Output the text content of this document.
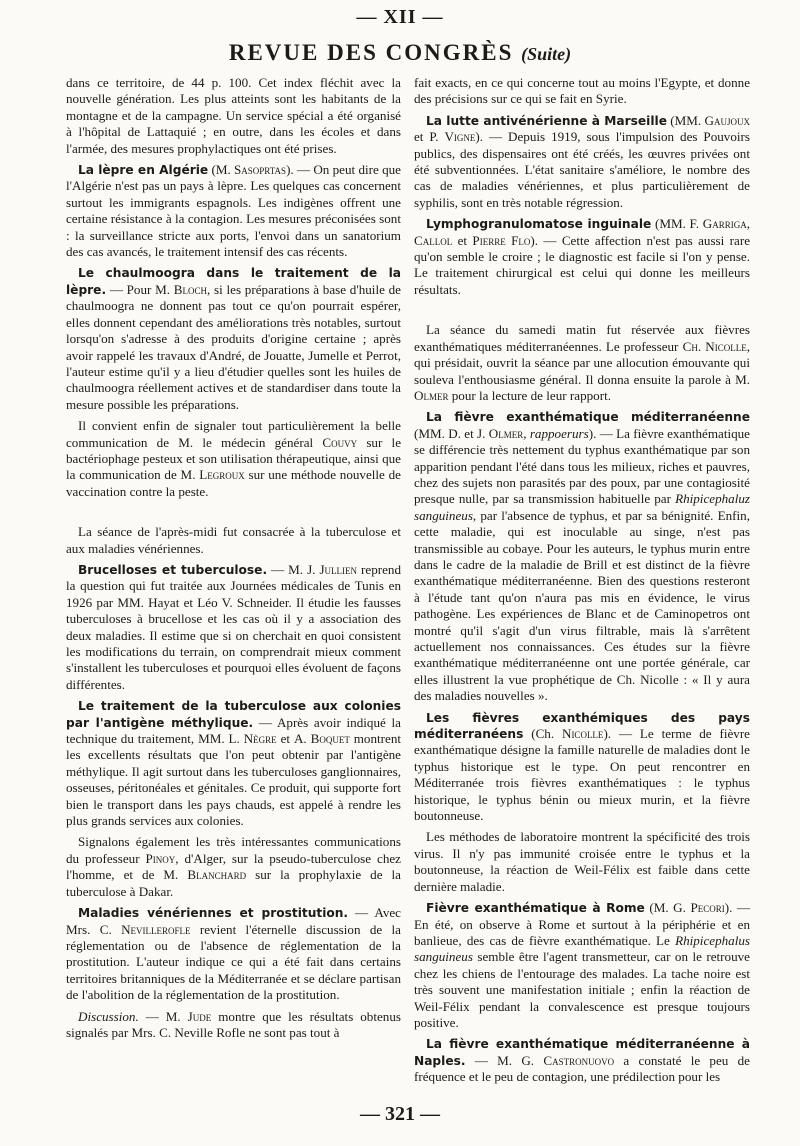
— XII —
REVUE DES CONGRÈS (Suite)

dans ce territoire, de 44 p. 100. Cet index fléchit avec la nouvelle génération. Les plus atteints sont les habitants de la montagne et de la campagne. Un service spécial a été organisé à l'hôpital de Lattaquié ; en outre, dans les écoles et dans l'armée, des mesures prophylactiques ont été prises.

La lèpre en Algérie (M. Sasoprtas). — On peut dire que l'Algérie n'est pas un pays à lèpre. Les quelques cas concernent surtout les immigrants espagnols. Les indigènes offrent une certaine résistance à la contagion. Les mesures préconisées sont : la surveillance stricte aux ports, l'envoi dans un sanatorium des cas avancés, le traitement intensif des cas récents.

Le chaulmoogra dans le traitement de la lèpre. — Pour M. Bloch, si les préparations à base d'huile de chaulmoogra ne donnent pas tout ce qu'on pourrait espérer, elles donnent cependant des améliorations très notables, surtout lorsqu'on s'adresse à des produits d'origine certaine ; après avoir rappelé les travaux d'André, de Jouatte, Jumelle et Perrot, l'auteur estime qu'il y a lieu d'étudier quelles sont les huiles de chaulmoogra réellement actives et de standardiser dans toute la mesure possible les préparations.

Il convient enfin de signaler tout particulièrement la belle communication de M. le médecin général Couvy sur le bactériophage pesteux et son utilisation thérapeutique, ainsi que la communication de M. Legroux sur une méthode nouvelle de vaccination contre la peste.

La séance de l'après-midi fut consacrée à la tuberculose et aux maladies vénériennes.

Brucelloses et tuberculose. — M. J. Jullien reprend la question qui fut traitée aux Journées médicales de Tunis en 1926 par MM. Hayat et Léo V. Schneider. Il étudie les fausses tuberculoses à brucellose et les cas où il y a association des deux maladies. Il estime que si on cherchait en quoi consistent les modifications du terrain, on comprendrait mieux comment s'installent les tuberculoses et pourquoi elles évoluent de façons différentes.

Le traitement de la tuberculose aux colonies par l'antigène méthylique. — Après avoir indiqué la technique du traitement, MM. L. Nègre et A. Boquet montrent les excellents résultats que l'on peut obtenir par l'antigène méthylique. Il agit surtout dans les tuberculoses ganglionnaires, osseuses, péritonéales et génitales. Ce produit, qui supporte fort bien le transport dans les pays chauds, est appelé à rendre les plus grands services aux colonies.

Signalons également les très intéressantes communications du professeur Pinoy, d'Alger, sur la pseudo-tuberculose chez l'homme, et de M. Blanchard sur la prophylaxie de la tuberculose à Dakar.

Maladies vénériennes et prostitution. — Avec Mrs. C. Nevillerofle revient l'éternelle discussion de la réglementation ou de l'absence de réglementation de la prostitution. L'auteur indique ce qui a été fait dans certains territoires britanniques de la Méditerranée et se déclare partisan de l'abolition de la réglementation de la prostitution.

Discussion. — M. Jude montre que les résultats obtenus signalés par Mrs. C. Neville Rofle ne sont pas tout à

fait exacts, en ce qui concerne tout au moins l'Egypte, et donne des précisions sur ce qui se fait en Syrie.

La lutte antivénérienne à Marseille (MM. Gaujoux et P. Vigne). — Depuis 1919, sous l'impulsion des Pouvoirs publics, des dispensaires ont été créés, les œuvres privées ont été subventionnées. L'état sanitaire s'améliore, le nombre des cas de maladies vénériennes, et plus particulièrement de syphilis, sont en très notable régression.

Lymphogranulomatose inguinale (MM. F. Garriga, Callol et Pierre Flo). — Cette affection n'est pas aussi rare qu'on semble le croire ; le diagnostic est facile si l'on y pense. Le traitement chirurgical est celui qui donne les meilleurs résultats.

La séance du samedi matin fut réservée aux fièvres exanthématiques méditerranéennes. Le professeur Ch. Nicolle, qui présidait, ouvrit la séance par une allocution émouvante qui souleva l'enthousiasme général. Il donna ensuite la parole à M. Olmer pour la lecture de leur rapport.

La fièvre exanthématique méditerranéenne (MM. D. et J. Olmer, rappoerurs). — La fièvre exanthématique se différencie très nettement du typhus exanthématique par son apparition pendant l'été dans tous les milieux, riches et pauvres, chez des sujets non parasités par des poux, par une contagiosité presque nulle, par sa transmission habituelle par Rhipicephaluz sanguineus, par l'absence de typhus, et par sa bénignité. Enfin, cette maladie, qui est inoculable au singe, n'est pas transmissible au cobaye. Pour les auteurs, le typhus murin entre dans le cadre de la maladie de Brill et est distinct de la fièvre exanthématique méditerranéenne. Bien des questions resteront à l'étude tant qu'on n'aura pas mis en évidence, le virus pathogène. Les expériences de Blanc et de Caminopetros ont montré qu'il s'agit d'un virus filtrable, mais là s'arrêtent actuellement nos connaissances. Ces études sur la fièvre exanthématique méditerranéenne ont une portée générale, car elles illustrent la vue prophétique de Ch. Nicolle : « Il y aura des maladies nouvelles ».

Les fièvres exanthémiques des pays méditerranéens (Ch. Nicolle). — Le terme de fièvre exanthématique désigne la famille naturelle de maladies dont le typhus historique est le type. On peut rencontrer en Méditerranée trois fièvres exanthématiques : le typhus historique, le typhus bénin ou mieux murin, et la fièvre boutonneuse.

Les méthodes de laboratoire montrent la spécificité des trois virus. Il n'y pas immunité croisée entre le typhus et la boutonneuse, la réaction de Weil-Félix est faible dans cette dernière maladie.

Fièvre exanthématique à Rome (M. G. Pecori). — En été, on observe à Rome et surtout à la périphérie et en banlieue, des cas de fièvre exanthématique. Le Rhipicephalus sanguineus semble être l'agent transmetteur, car on le retrouve chez les chiens de l'entourage des malades. La tache noire est très souvent une manifestation initiale ; enfin la réaction de Weil-Félix pendant la convalescence est presque toujours positive.

La fièvre exanthématique méditerranéenne à Naples. — M. G. Castronuovo a constaté le peu de fréquence et le peu de contagion, une prédilection pour les

— 321 —
